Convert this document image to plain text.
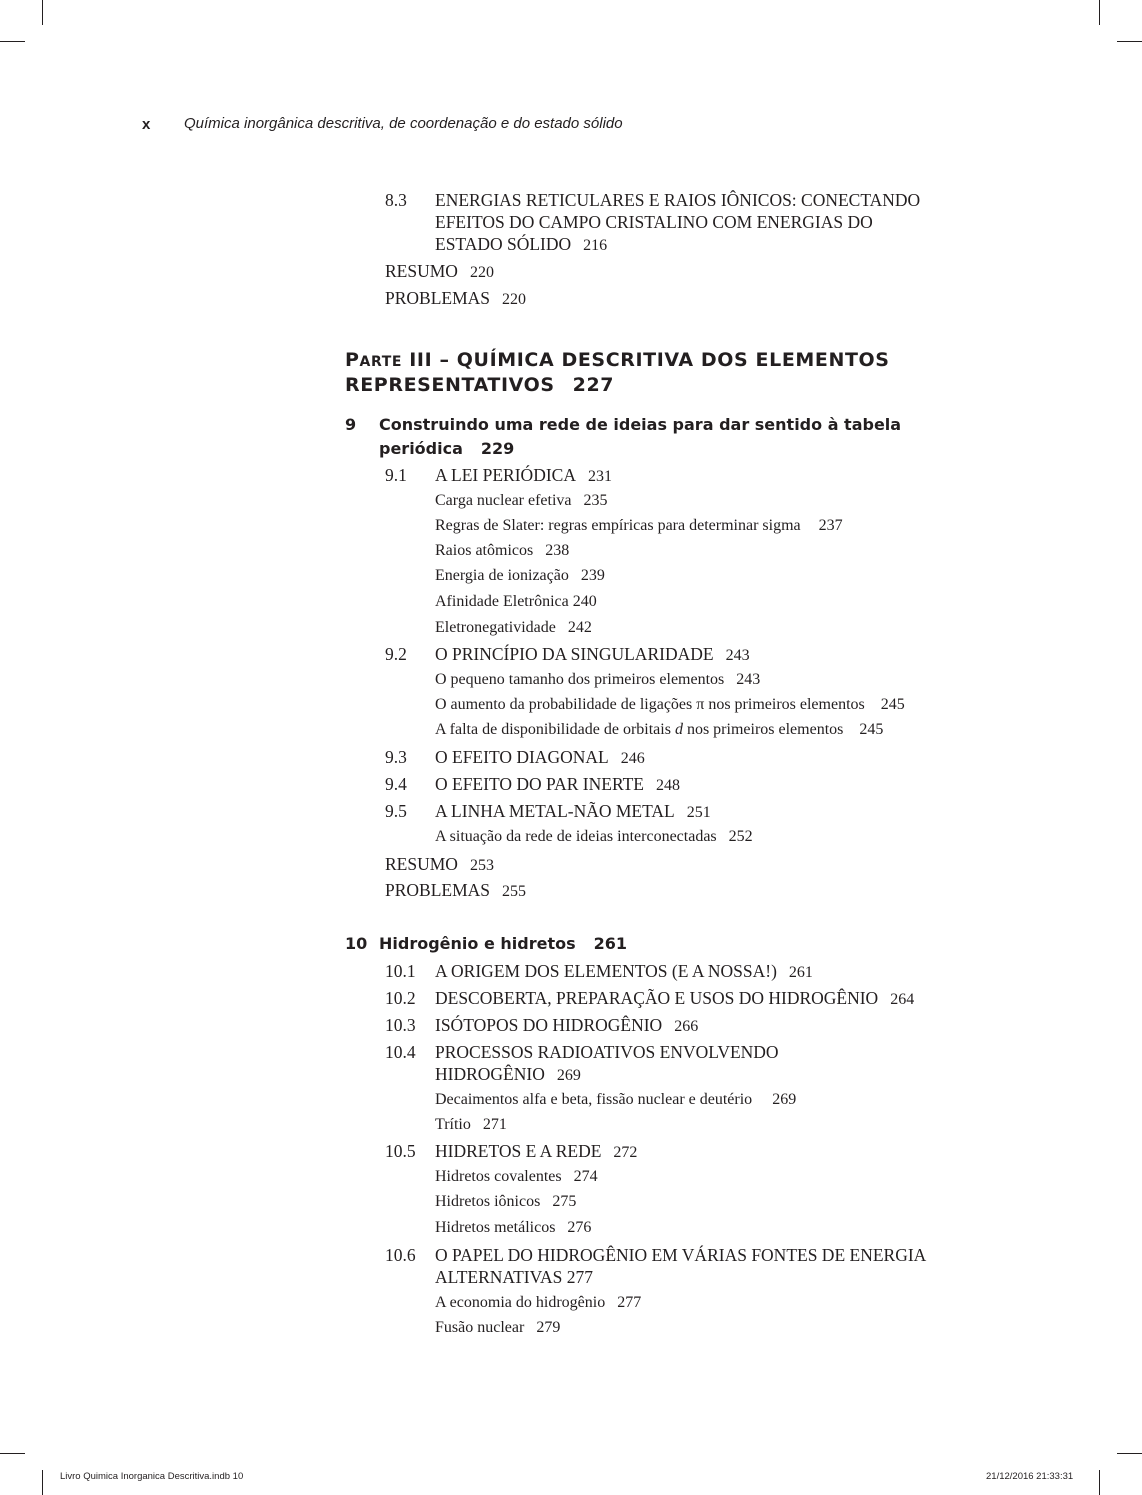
x Química inorgânica descritiva, de coordenação e do estado sólido
8.3 ENERGIAS RETICULARES E RAIOS IÔNICOS: CONECTANDO
EFEITOS DO CAMPO CRISTALINO COM ENERGIAS DO
ESTADO SÓLIDO 216
RESUMO 220
PROBLEMAS 220
PARTE III – QUÍMICA DESCRITIVA DOS ELEMENTOS
REPRESENTATIVOS 227
9 Construindo uma rede de ideias para dar sentido à tabela
periódica 229
9.1 A LEI PERIÓDICA 231
Carga nuclear efetiva 235
Regras de Slater: regras empíricas para determinar sigma 237
Raios atômicos 238
Energia de ionização 239
Afinidade Eletrônica 240
Eletronegatividade 242
9.2 O PRINCÍPIO DA SINGULARIDADE 243
O pequeno tamanho dos primeiros elementos 243
O aumento da probabilidade de ligações π nos primeiros elementos 245
A falta de disponibilidade de orbitais d nos primeiros elementos 245
9.3 O EFEITO DIAGONAL 246
9.4 O EFEITO DO PAR INERTE 248
9.5 A LINHA METAL-NÃO METAL 251
A situação da rede de ideias interconectadas 252
RESUMO 253
PROBLEMAS 255
10 Hidrogênio e hidretos 261
10.1 A ORIGEM DOS ELEMENTOS (E A NOSSA!) 261
10.2 DESCOBERTA, PREPARAÇÃO E USOS DO HIDROGÊNIO 264
10.3 ISÓTOPOS DO HIDROGÊNIO 266
10.4 PROCESSOS RADIOATIVOS ENVOLVENDO
HIDROGÊNIO 269
Decaimentos alfa e beta, fissão nuclear e deutério 269
Trítio 271
10.5 HIDRETOS E A REDE 272
Hidretos covalentes 274
Hidretos iônicos 275
Hidretos metálicos 276
10.6 O PAPEL DO HIDROGÊNIO EM VÁRIAS FONTES DE ENERGIA
ALTERNATIVAS 277
A economia do hidrogênio 277
Fusão nuclear 279
Livro Quimica Inorganica Descritiva.indb 10	21/12/2016 21:33:31
